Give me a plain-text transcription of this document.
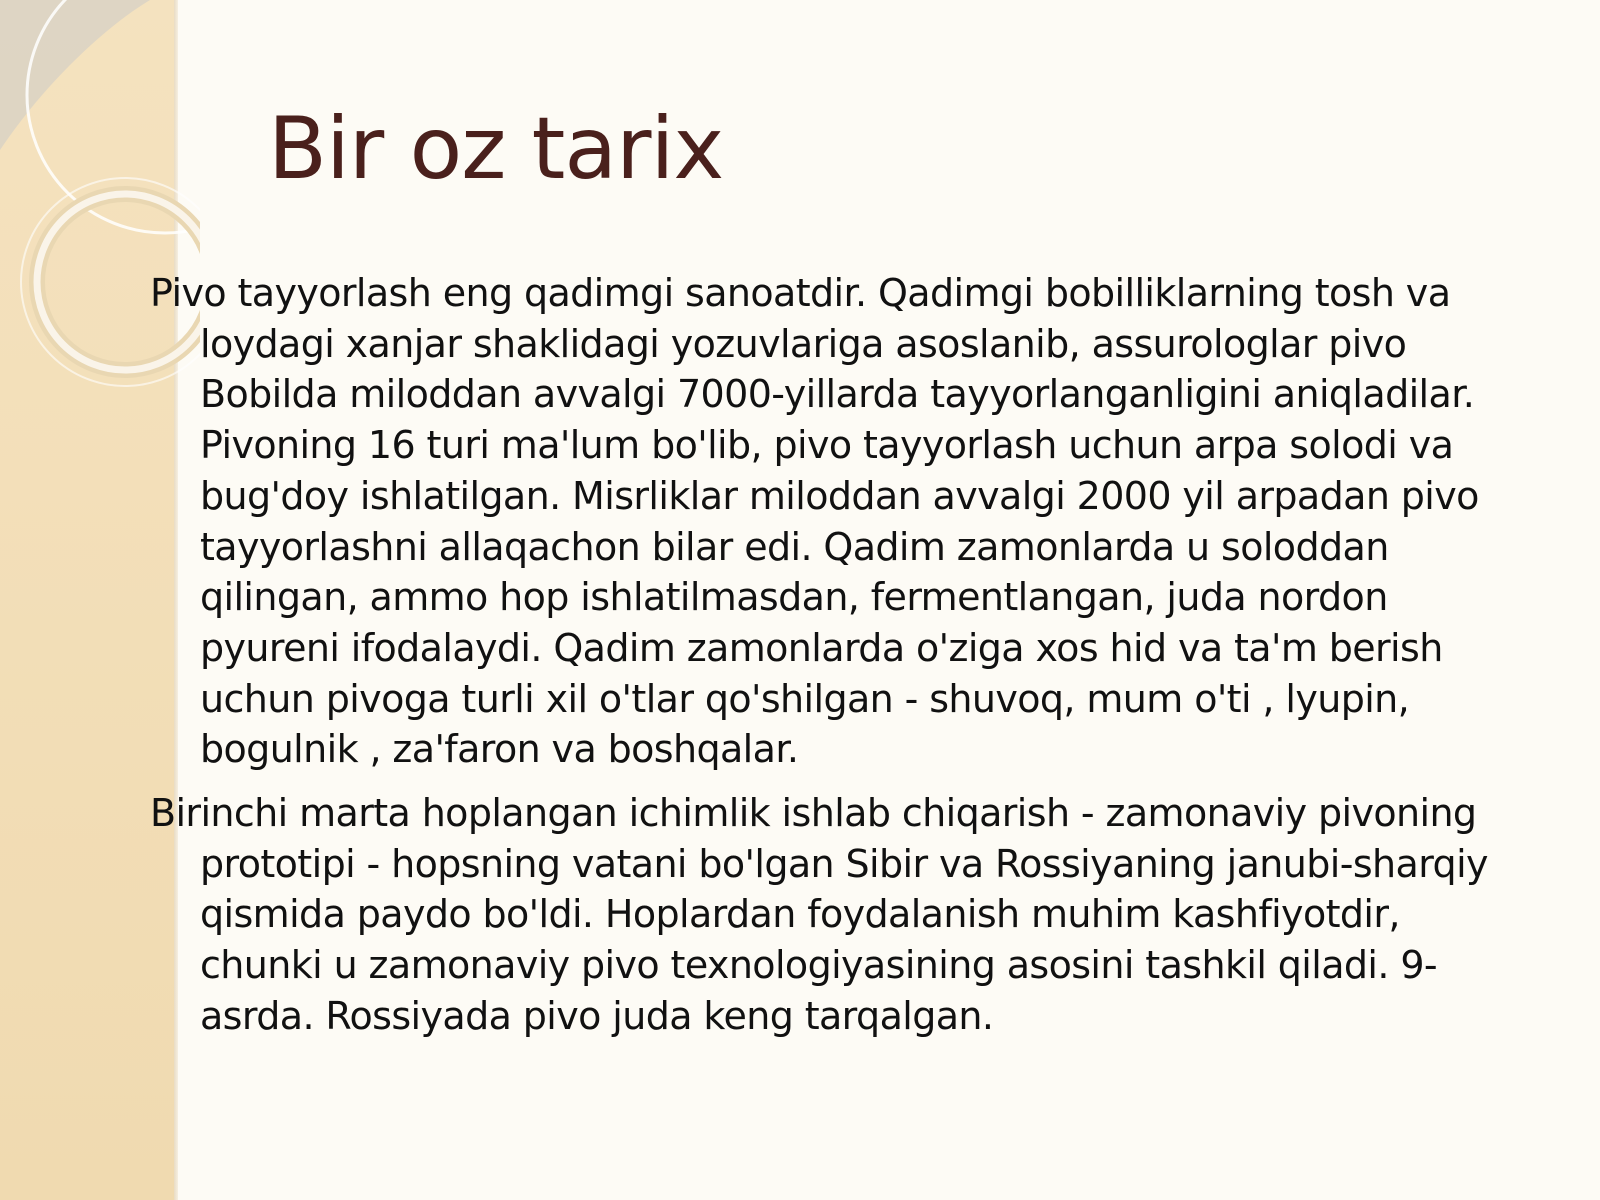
Bir oz tarix

Pivo tayyorlash eng qadimgi sanoatdir. Qadimgi bobilliklarning tosh va loydagi xanjar shaklidagi yozuvlariga asoslanib, assurologlar pivo Bobilda miloddan avvalgi 7000-yillarda tayyorlanganligini aniqladilar. Pivoning 16 turi ma'lum bo'lib, pivo tayyorlash uchun arpa solodi va bug'doy ishlatilgan. Misrliklar miloddan avvalgi 2000 yil arpadan pivo tayyorlashni allaqachon bilar edi. Qadim zamonlarda u soloddan qilingan, ammo hop ishlatilmasdan, fermentlangan, juda nordon pyureni ifodalaydi. Qadim zamonlarda o'ziga xos hid va ta'm berish uchun pivoga turli xil o'tlar qo'shilgan - shuvoq, mum o'ti , lyupin, bogulnik , za'faron va boshqalar.

Birinchi marta hoplangan ichimlik ishlab chiqarish - zamonaviy pivoning prototipi - hopsning vatani bo'lgan Sibir va Rossiyaning janubi-sharqiy qismida paydo bo'ldi. Hoplardan foydalanish muhim kashfiyotdir, chunki u zamonaviy pivo texnologiyasining asosini tashkil qiladi. 9-asrda. Rossiyada pivo juda keng tarqalgan.
